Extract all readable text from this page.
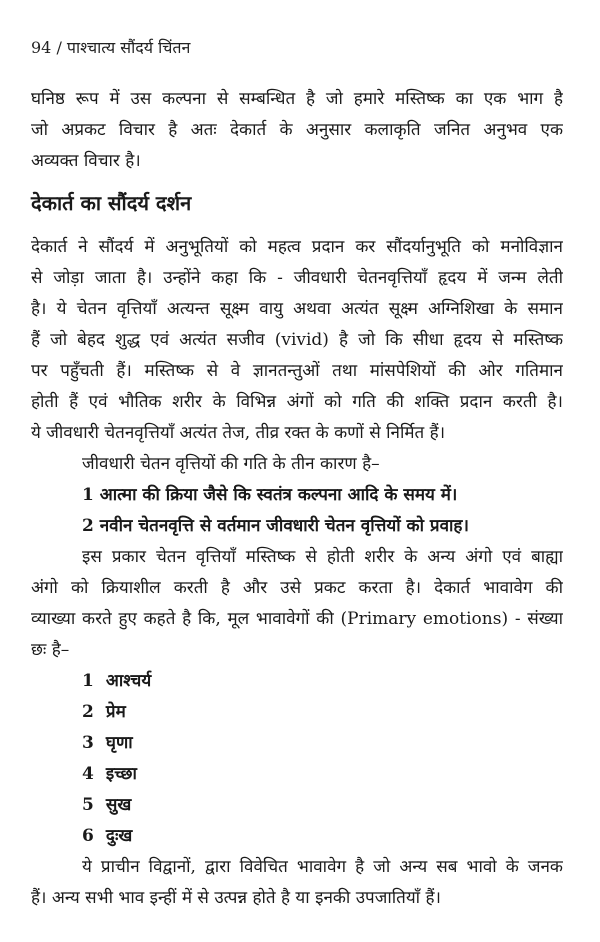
94 / पाश्चात्य सौंदर्य चिंतन
घनिष्ठ रूप में उस कल्पना से सम्बन्धित है जो हमारे मस्तिष्क का एक भाग है
जो अप्रकट विचार है अतः देकार्त के अनुसार कलाकृति जनित अनुभव एक
अव्यक्त विचार है।
देकार्त का सौंदर्य दर्शन
देकार्त ने सौंदर्य में अनुभूतियों को महत्व प्रदान कर सौंदर्यानुभूति को मनोविज्ञान
से जोड़ा जाता है। उन्होंने कहा कि - जीवधारी चेतनवृत्तियाँ हृदय में जन्म लेती
है। ये चेतन वृत्तियाँ अत्यन्त सूक्ष्म वायु अथवा अत्यंत सूक्ष्म अग्निशिखा के समान
हैं जो बेहद शुद्ध एवं अत्यंत सजीव (vivid) है जो कि सीधा हृदय से मस्तिष्क
पर पहुँचती हैं। मस्तिष्क से वे ज्ञानतन्तुओं तथा मांसपेशियों की ओर गतिमान
होती हैं एवं भौतिक शरीर के विभिन्न अंगों को गति की शक्ति प्रदान करती है।
ये जीवधारी चेतनवृत्तियाँ अत्यंत तेज, तीव्र रक्त के कणों से निर्मित हैं।
जीवधारी चेतन वृत्तियों की गति के तीन कारण है–
1 आत्मा की क्रिया जैसे कि स्वतंत्र कल्पना आदि के समय में।
2 नवीन चेतनवृत्ति से वर्तमान जीवधारी चेतन वृत्तियों को प्रवाह।
इस प्रकार चेतन वृत्तियाँ मस्तिष्क से होती शरीर के अन्य अंगो एवं बाह्या
अंगो को क्रियाशील करती है और उसे प्रकट करता है। देकार्त भावावेग की
व्याख्या करते हुए कहते है कि, मूल भावावेगों की (Primary emotions) - संख्या
छः है–
1 आश्चर्य
2 प्रेम
3 घृणा
4 इच्छा
5 सुख
6 दुःख
ये प्राचीन विद्वानों, द्वारा विवेचित भावावेग है जो अन्य सब भावो के जनक
हैं। अन्य सभी भाव इन्हीं में से उत्पन्न होते है या इनकी उपजातियाँ हैं।
